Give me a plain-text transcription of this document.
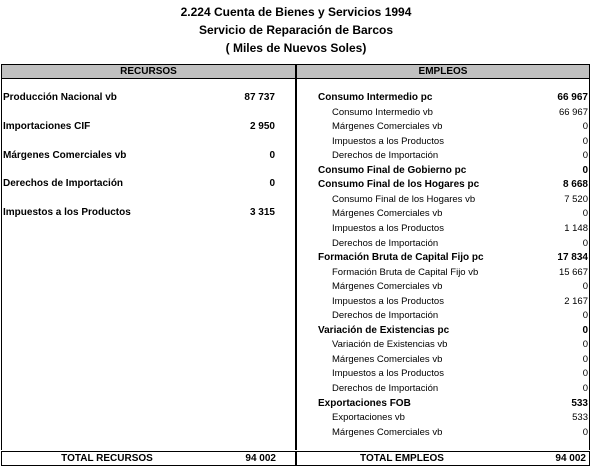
2.224 Cuenta de Bienes y Servicios 1994
Servicio de Reparación de Barcos
( Miles de Nuevos Soles)
RECURSOS	EMPLEOS
Producción Nacional vb	87 737
Importaciones CIF	2 950
Márgenes Comerciales vb	0
Derechos de Importación	0
Impuestos a los Productos	3 315
Consumo Intermedio pc	66 967
Consumo Intermedio vb	66 967
Márgenes Comerciales vb	0
Impuestos a los Productos	0
Derechos de Importación	0
Consumo Final de Gobierno pc	0
Consumo Final de los Hogares pc	8 668
Consumo Final de los Hogares vb	7 520
Márgenes Comerciales vb	0
Impuestos a los Productos	1 148
Derechos de Importación	0
Formación Bruta de Capital Fijo pc	17 834
Formación Bruta de Capital Fijo vb	15 667
Márgenes Comerciales vb	0
Impuestos a los Productos	2 167
Derechos de Importación	0
Variación de Existencias pc	0
Variación de Existencias vb	0
Márgenes Comerciales vb	0
Impuestos a los Productos	0
Derechos de Importación	0
Exportaciones FOB	533
Exportaciones vb	533
Márgenes Comerciales vb	0
TOTAL RECURSOS	94 002	TOTAL EMPLEOS	94 002
